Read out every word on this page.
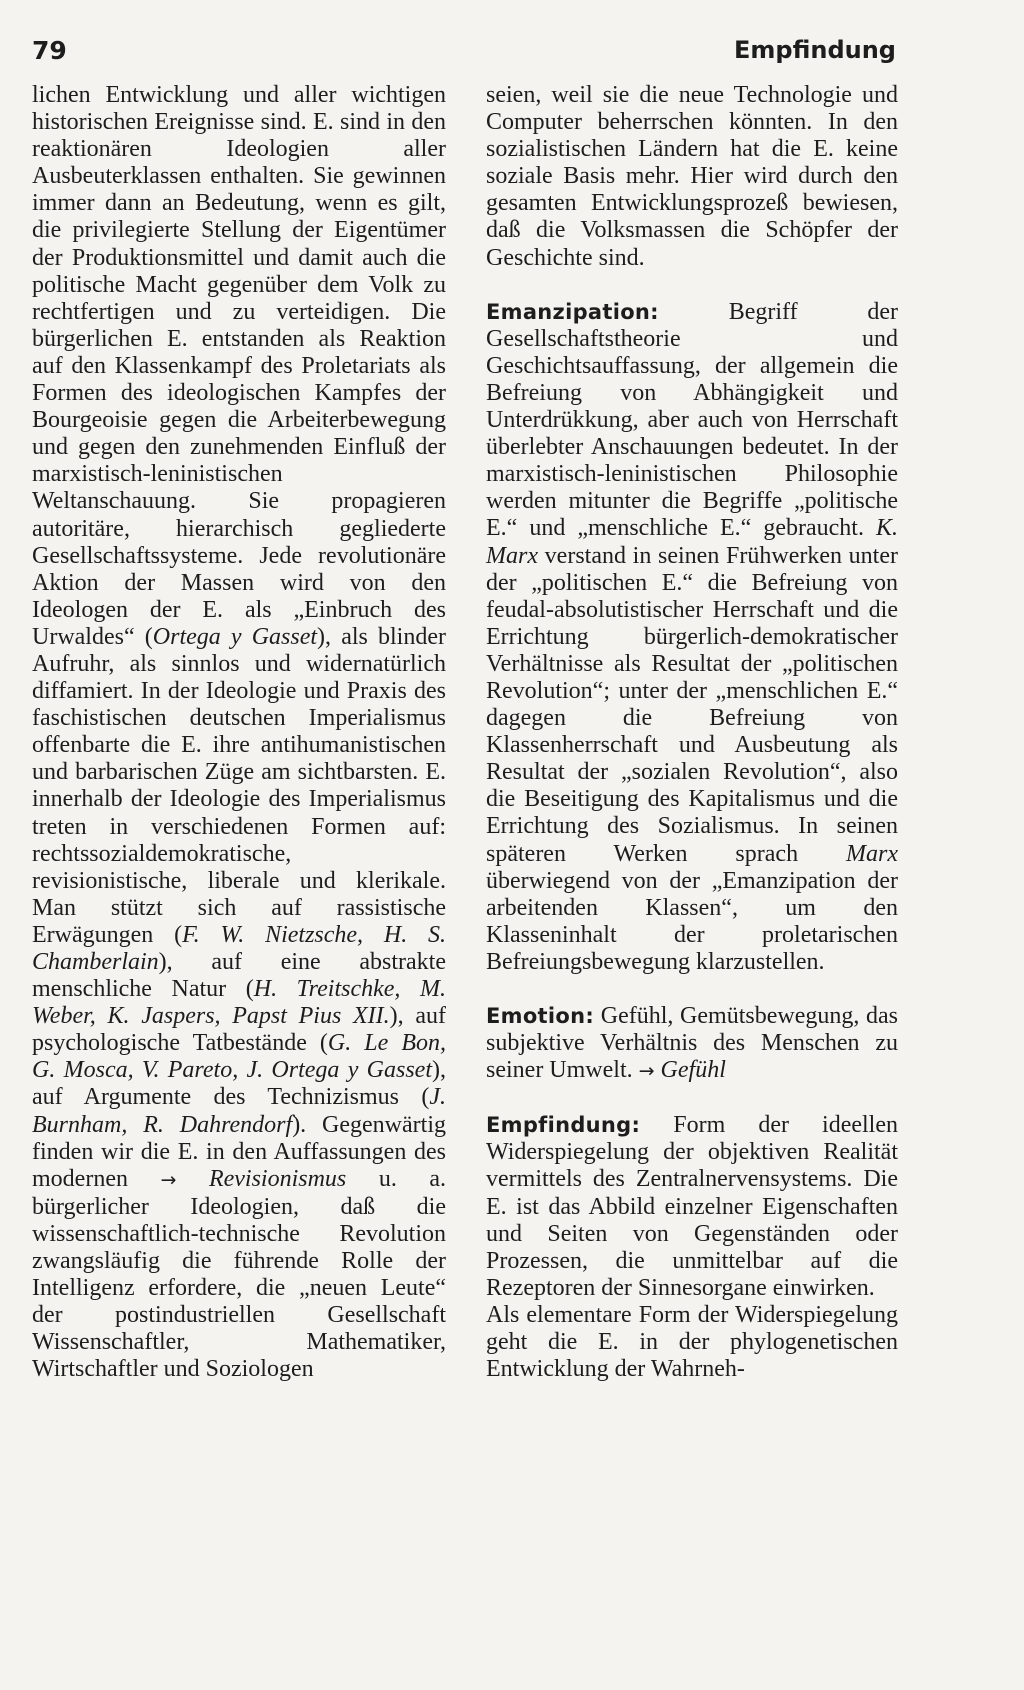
79	Empfindung

lichen Entwicklung und aller wichtigen historischen Ereignisse sind. E. sind in den reaktionären Ideologien aller Ausbeuterklassen enthalten. Sie gewinnen immer dann an Bedeutung, wenn es gilt, die privilegierte Stellung der Eigentümer der Produktionsmittel und damit auch die politische Macht gegenüber dem Volk zu rechtfertigen und zu verteidigen. Die bürgerlichen E. entstanden als Reaktion auf den Klassenkampf des Proletariats als Formen des ideologischen Kampfes der Bourgeoisie gegen die Arbeiterbewegung und gegen den zunehmenden Einfluß der marxistisch-leninistischen Weltanschauung. Sie propagieren autoritäre, hierarchisch gegliederte Gesellschaftssysteme. Jede revolutionäre Aktion der Massen wird von den Ideologen der E. als „Einbruch des Urwaldes“ (Ortega y Gasset), als blinder Aufruhr, als sinnlos und widernatürlich diffamiert. In der Ideologie und Praxis des faschistischen deutschen Imperialismus offenbarte die E. ihre antihumanistischen und barbarischen Züge am sichtbarsten. E. innerhalb der Ideologie des Imperialismus treten in verschiedenen Formen auf: rechtssozialdemokratische, revisionistische, liberale und klerikale. Man stützt sich auf rassistische Erwägungen (F. W. Nietzsche, H. S. Chamberlain), auf eine abstrakte menschliche Natur (H. Treitschke, M. Weber, K. Jaspers, Papst Pius XII.), auf psychologische Tatbestände (G. Le Bon, G. Mosca, V. Pareto, J. Ortega y Gasset), auf Argumente des Technizismus (J. Burnham, R. Dahrendorf). Gegenwärtig finden wir die E. in den Auffassungen des modernen → Revisionismus u. a. bürgerlicher Ideologien, daß die wissenschaftlich-technische Revolution zwangsläufig die führende Rolle der Intelligenz erfordere, die „neuen Leute“ der postindustriellen Gesellschaft Wissenschaftler, Mathematiker, Wirtschaftler und Soziologen

seien, weil sie die neue Technologie und Computer beherrschen könnten. In den sozialistischen Ländern hat die E. keine soziale Basis mehr. Hier wird durch den gesamten Entwicklungsprozeß bewiesen, daß die Volksmassen die Schöpfer der Geschichte sind.

Emanzipation: Begriff der Gesellschaftstheorie und Geschichtsauffassung, der allgemein die Befreiung von Abhängigkeit und Unterdrükkung, aber auch von Herrschaft überlebter Anschauungen bedeutet. In der marxistisch-leninistischen Philosophie werden mitunter die Begriffe „politische E.“ und „menschliche E.“ gebraucht. K. Marx verstand in seinen Frühwerken unter der „politischen E.“ die Befreiung von feudal-absolutistischer Herrschaft und die Errichtung bürgerlich-demokratischer Verhältnisse als Resultat der „politischen Revolution“; unter der „menschlichen E.“ dagegen die Befreiung von Klassenherrschaft und Ausbeutung als Resultat der „sozialen Revolution“, also die Beseitigung des Kapitalismus und die Errichtung des Sozialismus. In seinen späteren Werken sprach Marx überwiegend von der „Emanzipation der arbeitenden Klassen“, um den Klasseninhalt der proletarischen Befreiungsbewegung klarzustellen.

Emotion: Gefühl, Gemütsbewegung, das subjektive Verhältnis des Menschen zu seiner Umwelt. → Gefühl

Empfindung: Form der ideellen Widerspiegelung der objektiven Realität vermittels des Zentralnervensystems. Die E. ist das Abbild einzelner Eigenschaften und Seiten von Gegenständen oder Prozessen, die unmittelbar auf die Rezeptoren der Sinnesorgane einwirken.

Als elementare Form der Widerspiegelung geht die E. in der phylogenetischen Entwicklung der Wahrneh-
